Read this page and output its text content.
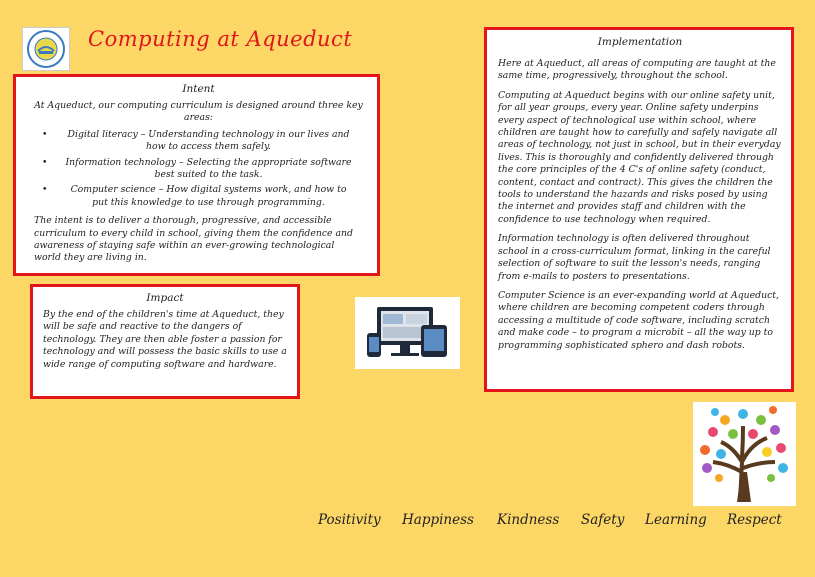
Computing at Aqueduct
Intent

At Aqueduct, our computing curriculum is designed around three key areas:

• Digital literacy – Understanding technology in our lives and how to access them safely.
• Information technology – Selecting the appropriate software best suited to the task.
• Computer science – How digital systems work, and how to put this knowledge to use through programming.

The intent is to deliver a thorough, progressive, and accessible curriculum to every child in school, giving them the confidence and awareness of staying safe within an ever-growing technological world they are living in.

Impact

By the end of the children's time at Aqueduct, they will be safe and reactive to the dangers of technology. They are then able foster a passion for technology and will possess the basic skills to use a wide range of computing software and hardware.

Implementation

Here at Aqueduct, all areas of computing are taught at the same time, progressively, throughout the school.

Computing at Aqueduct begins with our online safety unit, for all year groups, every year. Online safety underpins every aspect of technological use within school, where children are taught how to carefully and safely navigate all areas of technology, not just in school, but in their everyday lives. This is thoroughly and confidently delivered through the core principles of the 4 C's of online safety (conduct, content, contact and contract). This gives the children the tools to understand the hazards and risks posed by using the internet and provides staff and children with the confidence to use technology when required.

Information technology is often delivered throughout school in a cross-curriculum format, linking in the careful selection of software to suit the lesson's needs, ranging from e-mails to posters to presentations.

Computer Science is an ever-expanding world at Aqueduct, where children are becoming competent coders through accessing a multitude of code software, including scratch and make code – to program a microbit – all the way up to programming sophisticated sphero and dash robots.

Positivity Happiness Kindness Safety Learning Respect
